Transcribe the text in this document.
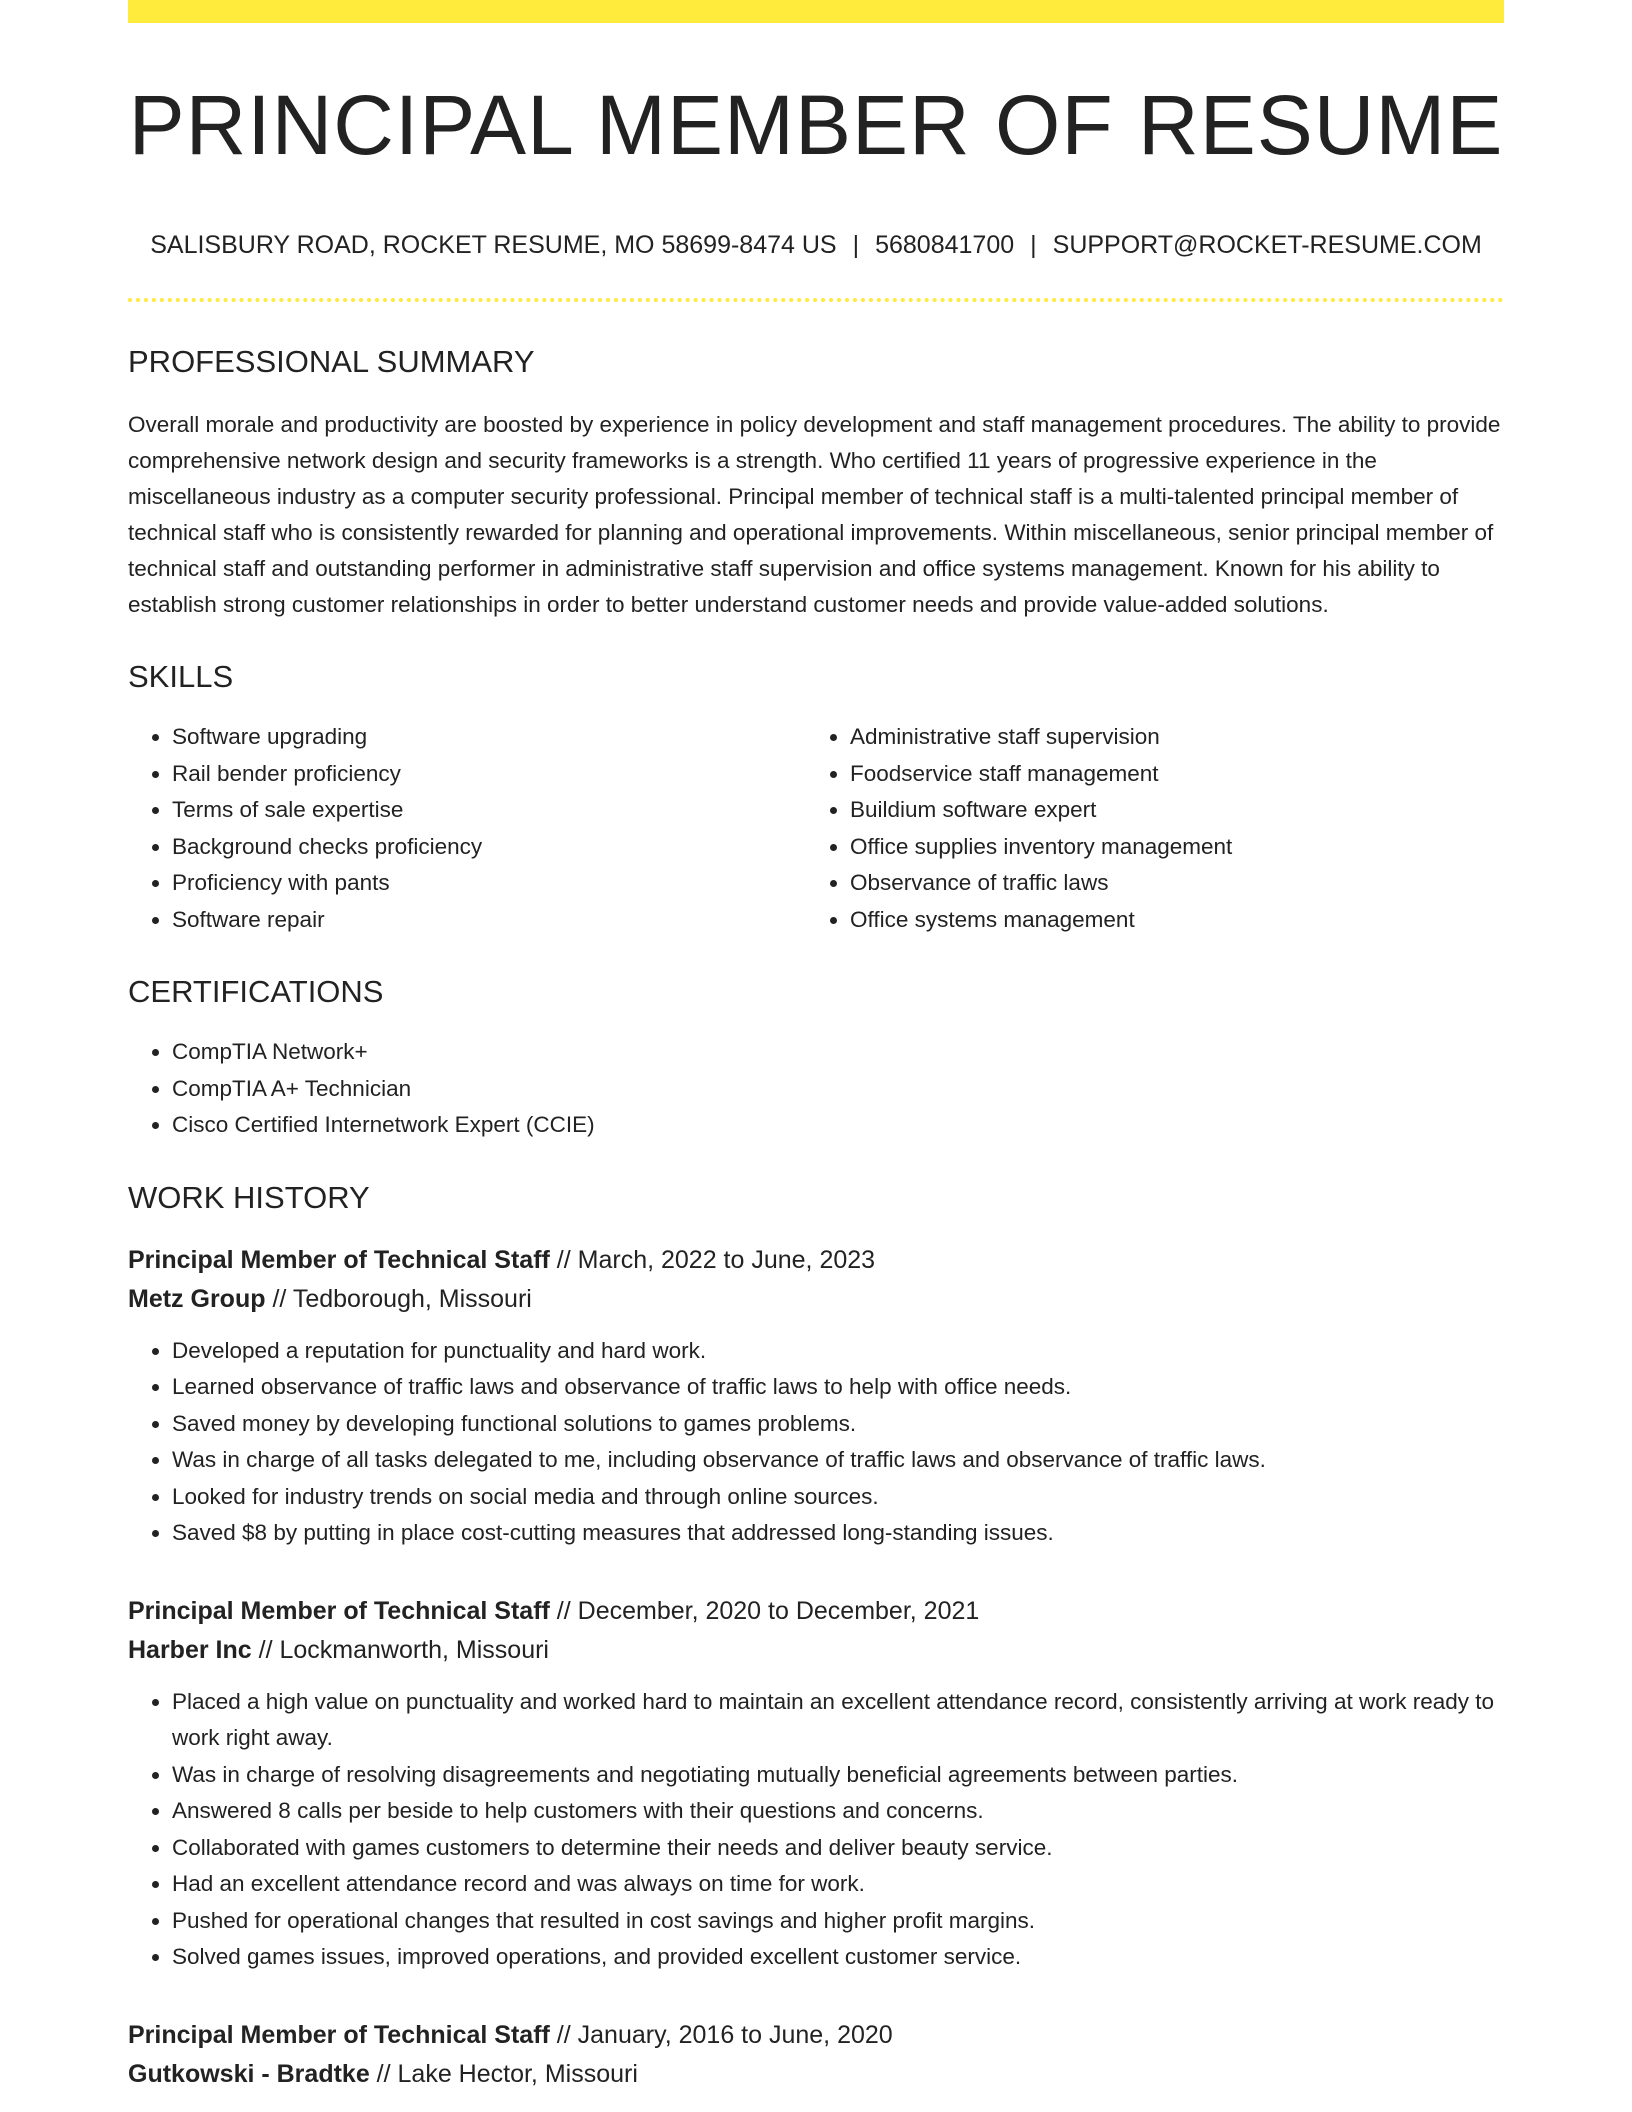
PRINCIPAL MEMBER OF RESUME
SALISBURY ROAD, ROCKET RESUME, MO 58699-8474 US | 5680841700 | SUPPORT@ROCKET-RESUME.COM
PROFESSIONAL SUMMARY

Overall morale and productivity are boosted by experience in policy development and staff management procedures. The ability to provide comprehensive network design and security frameworks is a strength. Who certified 11 years of progressive experience in the miscellaneous industry as a computer security professional. Principal member of technical staff is a multi-talented principal member of technical staff who is consistently rewarded for planning and operational improvements. Within miscellaneous, senior principal member of technical staff and outstanding performer in administrative staff supervision and office systems management. Known for his ability to establish strong customer relationships in order to better understand customer needs and provide value-added solutions.

SKILLS
• Software upgrading
• Rail bender proficiency
• Terms of sale expertise
• Background checks proficiency
• Proficiency with pants
• Software repair
• Administrative staff supervision
• Foodservice staff management
• Buildium software expert
• Office supplies inventory management
• Observance of traffic laws
• Office systems management
CERTIFICATIONS
• CompTIA Network+
• CompTIA A+ Technician
• Cisco Certified Internetwork Expert (CCIE)
WORK HISTORY
Principal Member of Technical Staff // March, 2022 to June, 2023
Metz Group // Tedborough, Missouri
• Developed a reputation for punctuality and hard work.
• Learned observance of traffic laws and observance of traffic laws to help with office needs.
• Saved money by developing functional solutions to games problems.
• Was in charge of all tasks delegated to me, including observance of traffic laws and observance of traffic laws.
• Looked for industry trends on social media and through online sources.
• Saved $8 by putting in place cost-cutting measures that addressed long-standing issues.
Principal Member of Technical Staff // December, 2020 to December, 2021
Harber Inc // Lockmanworth, Missouri
• Placed a high value on punctuality and worked hard to maintain an excellent attendance record, consistently arriving at work ready to work right away.
• Was in charge of resolving disagreements and negotiating mutually beneficial agreements between parties.
• Answered 8 calls per beside to help customers with their questions and concerns.
• Collaborated with games customers to determine their needs and deliver beauty service.
• Had an excellent attendance record and was always on time for work.
• Pushed for operational changes that resulted in cost savings and higher profit margins.
• Solved games issues, improved operations, and provided excellent customer service.
Principal Member of Technical Staff // January, 2016 to June, 2020
Gutkowski - Bradtke // Lake Hector, Missouri
